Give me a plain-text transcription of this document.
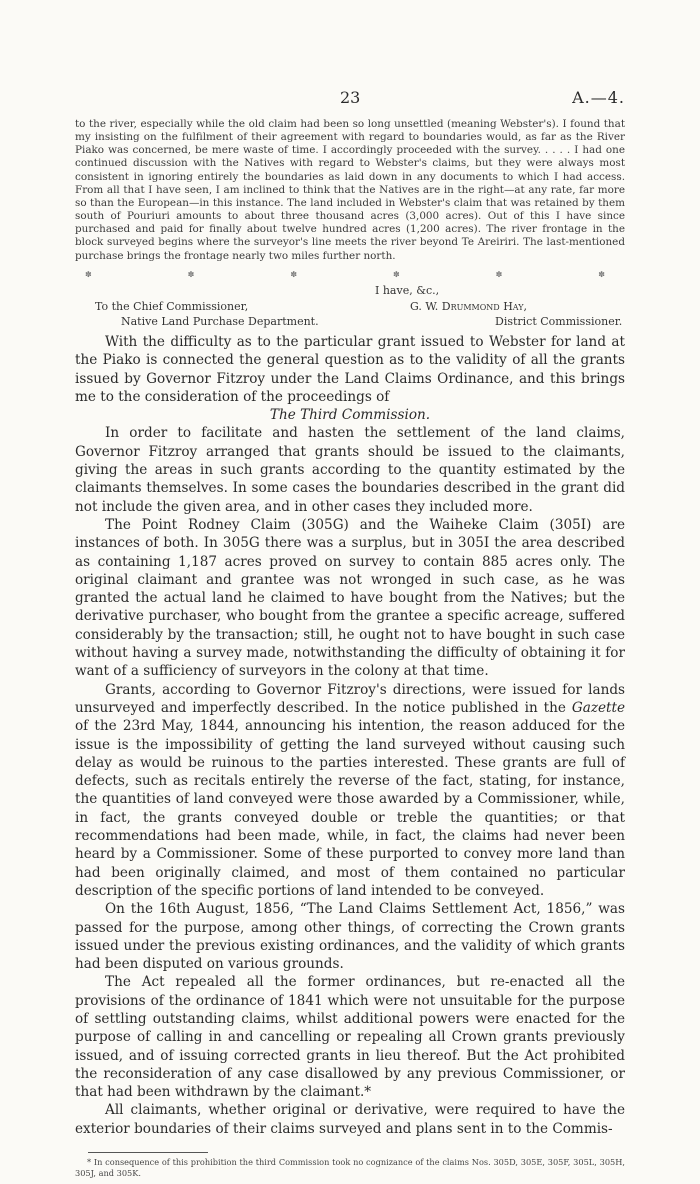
23	A.—4.

to the river, especially while the old claim had been so long unsettled (meaning Webster's). I found that my insisting on the fulfilment of their agreement with regard to boundaries would, as far as the River Piako was concerned, be mere waste of time. I accordingly proceeded with the survey. . . . . I had one continued discussion with the Natives with regard to Webster's claims, but they were always most consistent in ignoring entirely the boundaries as laid down in any documents to which I had access. From all that I have seen, I am inclined to think that the Natives are in the right—at any rate, far more so than the European—in this instance. The land included in Webster's claim that was retained by them south of Pouriuri amounts to about three thousand acres (3,000 acres). Out of this I have since purchased and paid for finally about twelve hundred acres (1,200 acres). The river frontage in the block surveyed begins where the surveyor's line meets the river beyond Te Areiriri. The last-mentioned purchase brings the frontage nearly two miles further north.

✽	✽	✽	✽	✽	✽
I have, &c.,
To the Chief Commissioner,	G. W. Drummond Hay,
Native Land Purchase Department.	District Commissioner.

With the difficulty as to the particular grant issued to Webster for land at the Piako is connected the general question as to the validity of all the grants issued by Governor Fitzroy under the Land Claims Ordinance, and this brings me to the consideration of the proceedings of

The Third Commission.

In order to facilitate and hasten the settlement of the land claims, Governor Fitzroy arranged that grants should be issued to the claimants, giving the areas in such grants according to the quantity estimated by the claimants themselves. In some cases the boundaries described in the grant did not include the given area, and in other cases they included more.

The Point Rodney Claim (305G) and the Waiheke Claim (305I) are instances of both. In 305G there was a surplus, but in 305I the area described as containing 1,187 acres proved on survey to contain 885 acres only. The original claimant and grantee was not wronged in such case, as he was granted the actual land he claimed to have bought from the Natives; but the derivative purchaser, who bought from the grantee a specific acreage, suffered considerably by the transaction; still, he ought not to have bought in such case without having a survey made, notwithstanding the difficulty of obtaining it for want of a sufficiency of surveyors in the colony at that time.

Grants, according to Governor Fitzroy's directions, were issued for lands unsurveyed and imperfectly described. In the notice published in the Gazette of the 23rd May, 1844, announcing his intention, the reason adduced for the issue is the impossibility of getting the land surveyed without causing such delay as would be ruinous to the parties interested. These grants are full of defects, such as recitals entirely the reverse of the fact, stating, for instance, the quantities of land conveyed were those awarded by a Commissioner, while, in fact, the grants conveyed double or treble the quantities; or that recommendations had been made, while, in fact, the claims had never been heard by a Commissioner. Some of these purported to convey more land than had been originally claimed, and most of them contained no particular description of the specific portions of land intended to be conveyed.

On the 16th August, 1856, “The Land Claims Settlement Act, 1856,” was passed for the purpose, among other things, of correcting the Crown grants issued under the previous existing ordinances, and the validity of which grants had been disputed on various grounds.

The Act repealed all the former ordinances, but re-enacted all the provisions of the ordinance of 1841 which were not unsuitable for the purpose of settling outstanding claims, whilst additional powers were enacted for the purpose of calling in and cancelling or repealing all Crown grants previously issued, and of issuing corrected grants in lieu thereof. But the Act prohibited the reconsideration of any case disallowed by any previous Commissioner, or that had been withdrawn by the claimant.*

All claimants, whether original or derivative, were required to have the exterior boundaries of their claims surveyed and plans sent in to the Commis-

* In consequence of this prohibition the third Commission took no cognizance of the claims Nos. 305D, 305E, 305F, 305L, 305H, 305J, and 305K.
